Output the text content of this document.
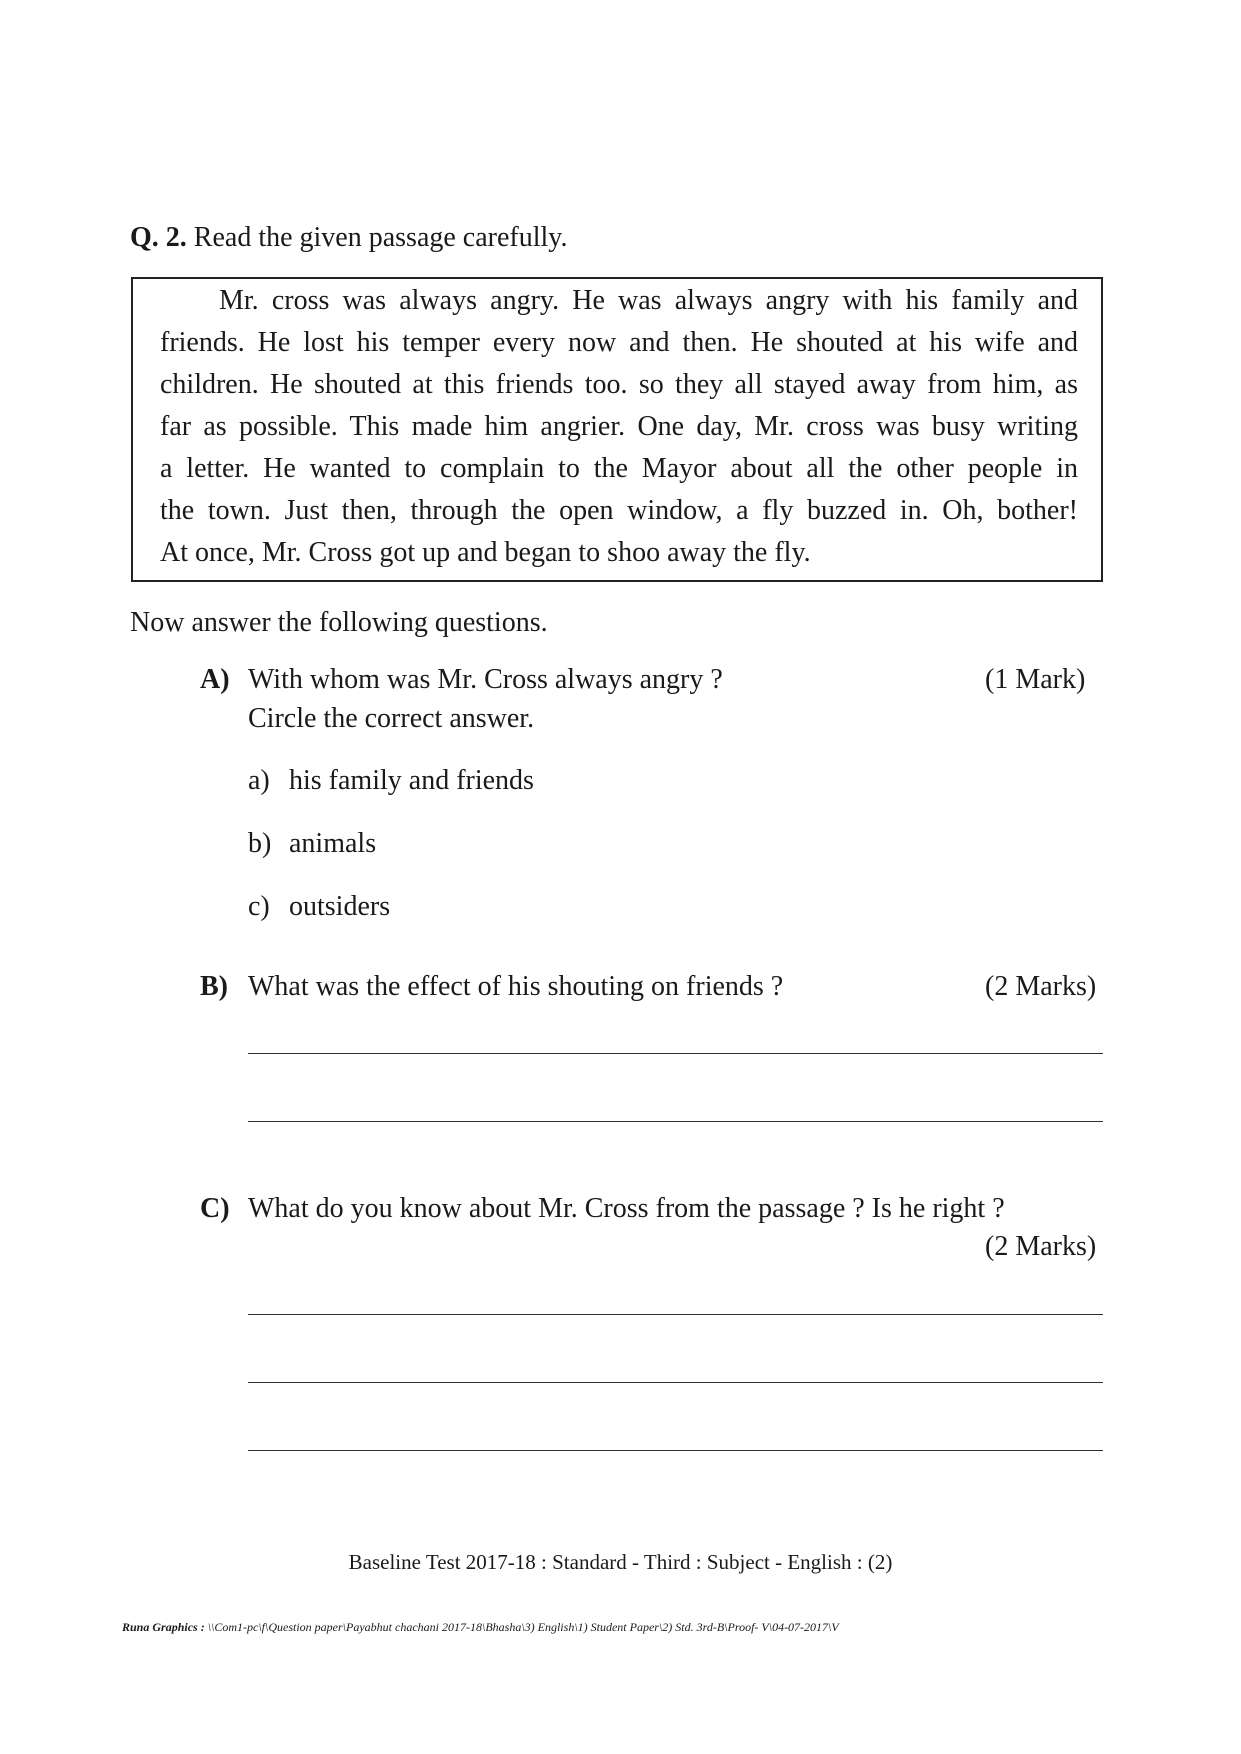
Q. 2. Read the given passage carefully.
Mr. cross was always angry. He was always angry with his family and
friends. He lost his temper every now and then. He shouted at his wife and
children. He shouted at this friends too. so they all stayed away from him, as
far as possible. This made him angrier. One day, Mr. cross was busy writing
a letter. He wanted to complain to the Mayor about all the other people in
the town. Just then, through the open window, a fly buzzed in. Oh, bother!
At once, Mr. Cross got up and began to shoo away the fly.
Now answer the following questions.
A) With whom was Mr. Cross always angry ?	(1 Mark)
Circle the correct answer.
a) his family and friends
b) animals
c) outsiders
B) What was the effect of his shouting on friends ?	(2 Marks)
C) What do you know about Mr. Cross from the passage ? Is he right ?
(2 Marks)
Baseline Test 2017-18 : Standard - Third : Subject - English : (2)
Runa Graphics : \\Com1-pc\f\Question paper\Payabhut chachani 2017-18\Bhasha\3) English\1) Student Paper\2) Std. 3rd-B\Proof- V\04-07-2017\V
